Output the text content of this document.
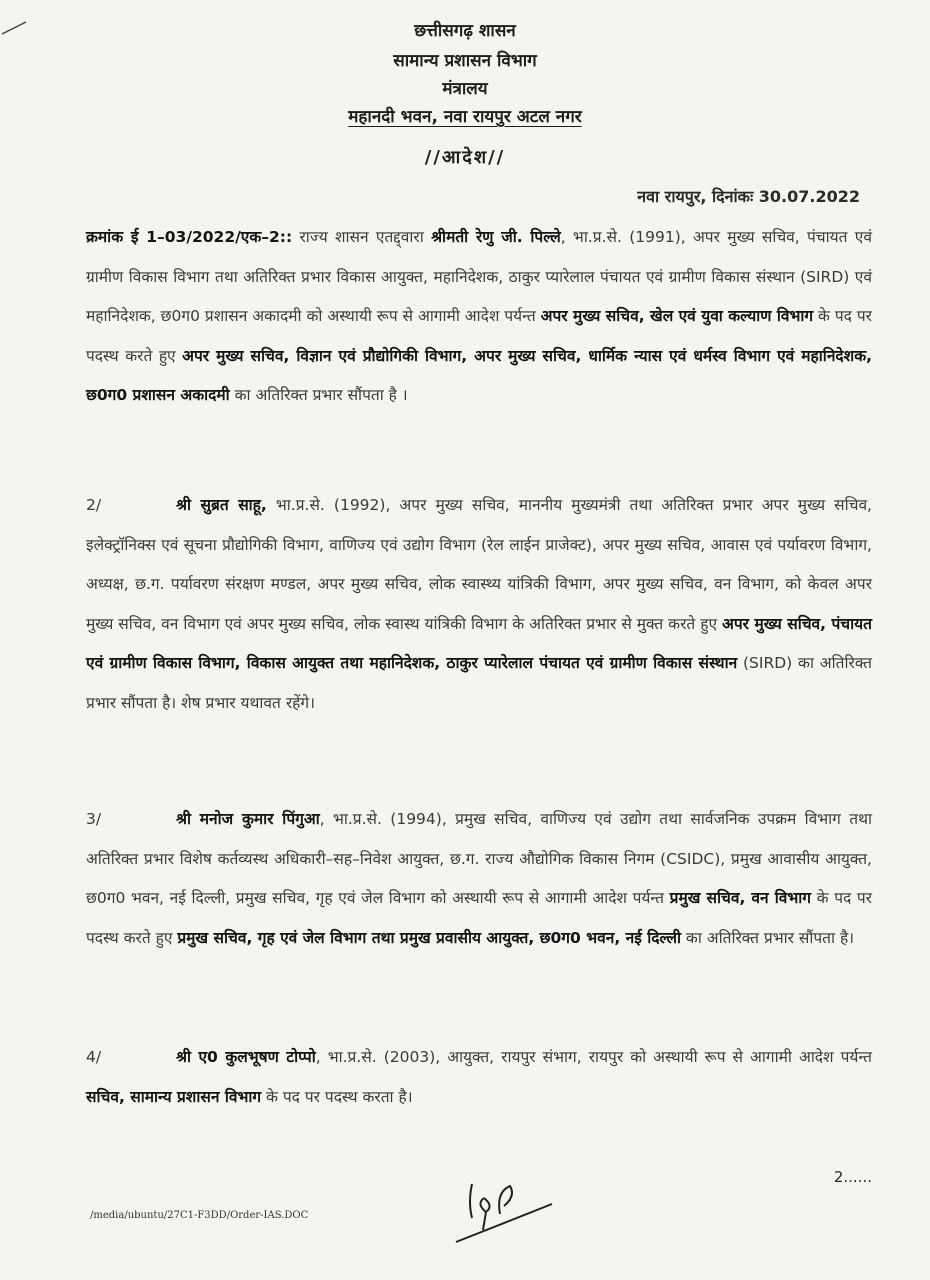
छत्तीसगढ़ शासन
सामान्य प्रशासन विभाग
मंत्रालय
महानदी भवन, नवा रायपुर अटल नगर
//आदेश//
नवा रायपुर, दिनांकः 30.07.2022
क्रमांक ई 1–03/2022/एक–2:: राज्य शासन एतद्द्वारा श्रीमती रेणु जी. पिल्ले, भा.प्र.से. (1991), अपर मुख्य सचिव, पंचायत एवं ग्रामीण विकास विभाग तथा अतिरिक्त प्रभार विकास आयुक्त, महानिदेशक, ठाकुर प्यारेलाल पंचायत एवं ग्रामीण विकास संस्थान (SIRD) एवं महानिदेशक, छ0ग0 प्रशासन अकादमी को अस्थायी रूप से आगामी आदेश पर्यन्त अपर मुख्य सचिव, खेल एवं युवा कल्याण विभाग के पद पर पदस्थ करते हुए अपर मुख्य सचिव, विज्ञान एवं प्रौद्योगिकी विभाग, अपर मुख्य सचिव, धार्मिक न्यास एवं धर्मस्व विभाग एवं महानिदेशक, छ0ग0 प्रशासन अकादमी का अतिरिक्त प्रभार सौंपता है ।
2/	श्री सुब्रत साहू, भा.प्र.से. (1992), अपर मुख्य सचिव, माननीय मुख्यमंत्री तथा अतिरिक्त प्रभार अपर मुख्य सचिव, इलेक्ट्रॉनिक्स एवं सूचना प्रौद्योगिकी विभाग, वाणिज्य एवं उद्योग विभाग (रेल लाईन प्राजेक्ट), अपर मुख्य सचिव, आवास एवं पर्यावरण विभाग, अध्यक्ष, छ.ग. पर्यावरण संरक्षण मण्डल, अपर मुख्य सचिव, लोक स्वास्थ्य यांत्रिकी विभाग, अपर मुख्य सचिव, वन विभाग, को केवल अपर मुख्य सचिव, वन विभाग एवं अपर मुख्य सचिव, लोक स्वास्थ यांत्रिकी विभाग के अतिरिक्त प्रभार से मुक्त करते हुए अपर मुख्य सचिव, पंचायत एवं ग्रामीण विकास विभाग, विकास आयुक्त तथा महानिदेशक, ठाकुर प्यारेलाल पंचायत एवं ग्रामीण विकास संस्थान (SIRD) का अतिरिक्त प्रभार सौंपता है। शेष प्रभार यथावत रहेंगे।
3/	श्री मनोज कुमार पिंगुआ, भा.प्र.से. (1994), प्रमुख सचिव, वाणिज्य एवं उद्योग तथा सार्वजनिक उपक्रम विभाग तथा अतिरिक्त प्रभार विशेष कर्तव्यस्थ अधिकारी–सह–निवेश आयुक्त, छ.ग. राज्य औद्योगिक विकास निगम (CSIDC), प्रमुख आवासीय आयुक्त, छ0ग0 भवन, नई दिल्ली, प्रमुख सचिव, गृह एवं जेल विभाग को अस्थायी रूप से आगामी आदेश पर्यन्त प्रमुख सचिव, वन विभाग के पद पर पदस्थ करते हुए प्रमुख सचिव, गृह एवं जेल विभाग तथा प्रमुख प्रवासीय आयुक्त, छ0ग0 भवन, नई दिल्ली का अतिरिक्त प्रभार सौंपता है।
4/	श्री ए0 कुलभूषण टोप्पो, भा.प्र.से. (2003), आयुक्त, रायपुर संभाग, रायपुर को अस्थायी रूप से आगामी आदेश पर्यन्त सचिव, सामान्य प्रशासन विभाग के पद पर पदस्थ करता है।
2......
/media/ubuntu/27C1-F3DD/Order-IAS.DOC
